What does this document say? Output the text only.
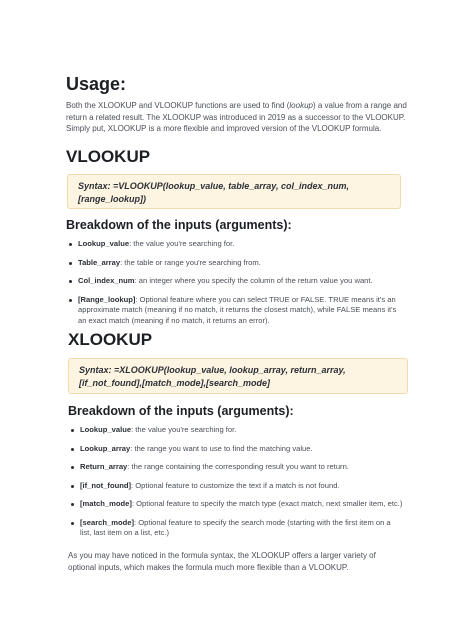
Usage:

Both the XLOOKUP and VLOOKUP functions are used to find (lookup) a value from a range and return a related result. The XLOOKUP was introduced in 2019 as a successor to the VLOOKUP. Simply put, XLOOKUP is a more flexible and improved version of the VLOOKUP formula.

VLOOKUP
Syntax: =VLOOKUP(lookup_value, table_array, col_index_num, [range_lookup])
Breakdown of the inputs (arguments):
Lookup_value: the value you're searching for.
Table_array: the table or range you're searching from.
Col_index_num: an integer where you specify the column of the return value you want.
[Range_lookup]: Optional feature where you can select TRUE or FALSE. TRUE means it's an approximate match (meaning if no match, it returns the closest match), while FALSE means it's an exact match (meaning if no match, it returns an error).
XLOOKUP
Syntax: =XLOOKUP(lookup_value, lookup_array, return_array, [if_not_found],[match_mode],[search_mode]
Breakdown of the inputs (arguments):
Lookup_value: the value you're searching for.
Lookup_array: the range you want to use to find the matching value.
Return_array: the range containing the corresponding result you want to return.
[if_not_found]: Optional feature to customize the text if a match is not found.
[match_mode]: Optional feature to specify the match type (exact match, next smaller item, etc.)
[search_mode]: Optional feature to specify the search mode (starting with the first item on a list, last item on a list, etc.)

As you may have noticed in the formula syntax, the XLOOKUP offers a larger variety of optional inputs, which makes the formula much more flexible than a VLOOKUP.
